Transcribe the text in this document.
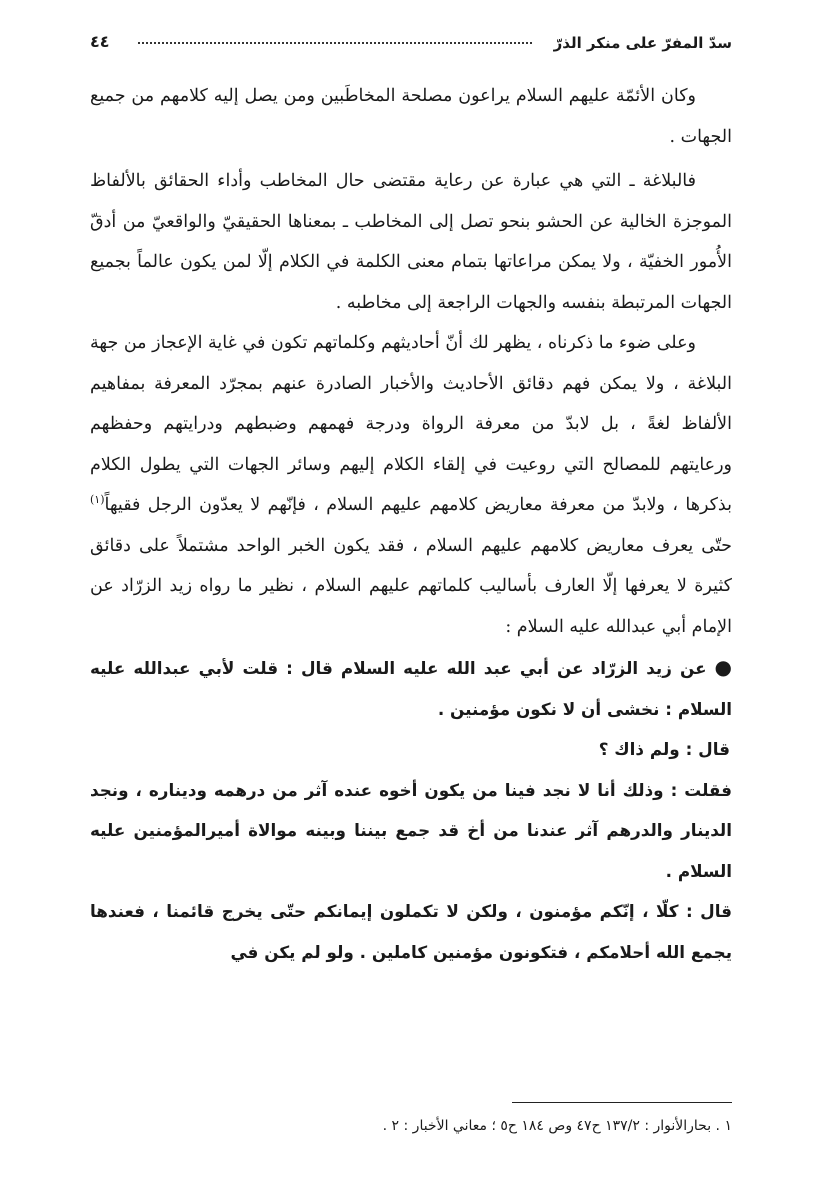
سدّ المفرّ على منكر الذرّ
٤٤

وكان الأئمّة عليهم السلام يراعون مصلحة المخاطَبين ومن يصل إليه كلامهم من جميع الجهات .

فالبلاغة ـ التي هي عبارة عن رعاية مقتضى حال المخاطب وأداء الحقائق بالألفاظ الموجزة الخالية عن الحشو بنحو تصل إلى المخاطب ـ بمعناها الحقيقيّ والواقعيّ من أدقّ الأُمور الخفيّة ، ولا يمكن مراعاتها بتمام معنى الكلمة في الكلام إلّا لمن يكون عالماً بجميع الجهات المرتبطة بنفسه والجهات الراجعة إلى مخاطبه .

وعلى ضوء ما ذكرناه ، يظهر لك أنّ أحاديثهم وكلماتهم تكون في غاية الإعجاز من جهة البلاغة ، ولا يمكن فهم دقائق الأحاديث والأخبار الصادرة عنهم بمجرّد المعرفة بمفاهيم الألفاظ لغةً ، بل لابدّ من معرفة الرواة ودرجة فهمهم وضبطهم ودرايتهم وحفظهم ورعايتهم للمصالح التي روعيت في إلقاء الكلام إليهم وسائر الجهات التي يطول الكلام بذكرها ، ولابدّ من معرفة معاريض كلامهم عليهم السلام ، فإنّهم لا يعدّون الرجل فقيهاً$^{(١)}$ حتّى يعرف معاريض كلامهم عليهم السلام ، فقد يكون الخبر الواحد مشتملاً على دقائق كثيرة لا يعرفها إلّا العارف بأساليب كلماتهم عليهم السلام ، نظير ما رواه زيد الزرّاد عن الإمام أبي عبدالله عليه السلام :

●عن زيد الزرّاد عن أبي عبد الله عليه السلام قال : قلت لأبي عبدالله عليه السلام : نخشى أن لا نكون مؤمنين .

قال : ولم ذاك ؟

فقلت : وذلك أنا لا نجد فينا من يكون أخوه عنده آثر من درهمه وديناره ، ونجد الدينار والدرهم آثر عندنا من أخ قد جمع بيننا وبينه موالاة أميرالمؤمنين عليه السلام .

قال : كلّا ، إنّكم مؤمنون ، ولكن لا تكملون إيمانكم حتّى يخرج قائمنا ، فعندها يجمع الله أحلامكم ، فتكونون مؤمنين كاملين . ولو لم يكن في

١ . بحارالأنوار : ١٣٧/٢ ح٤٧ وص ١٨٤ ح٥ ؛ معاني الأخبار : ٢ .
